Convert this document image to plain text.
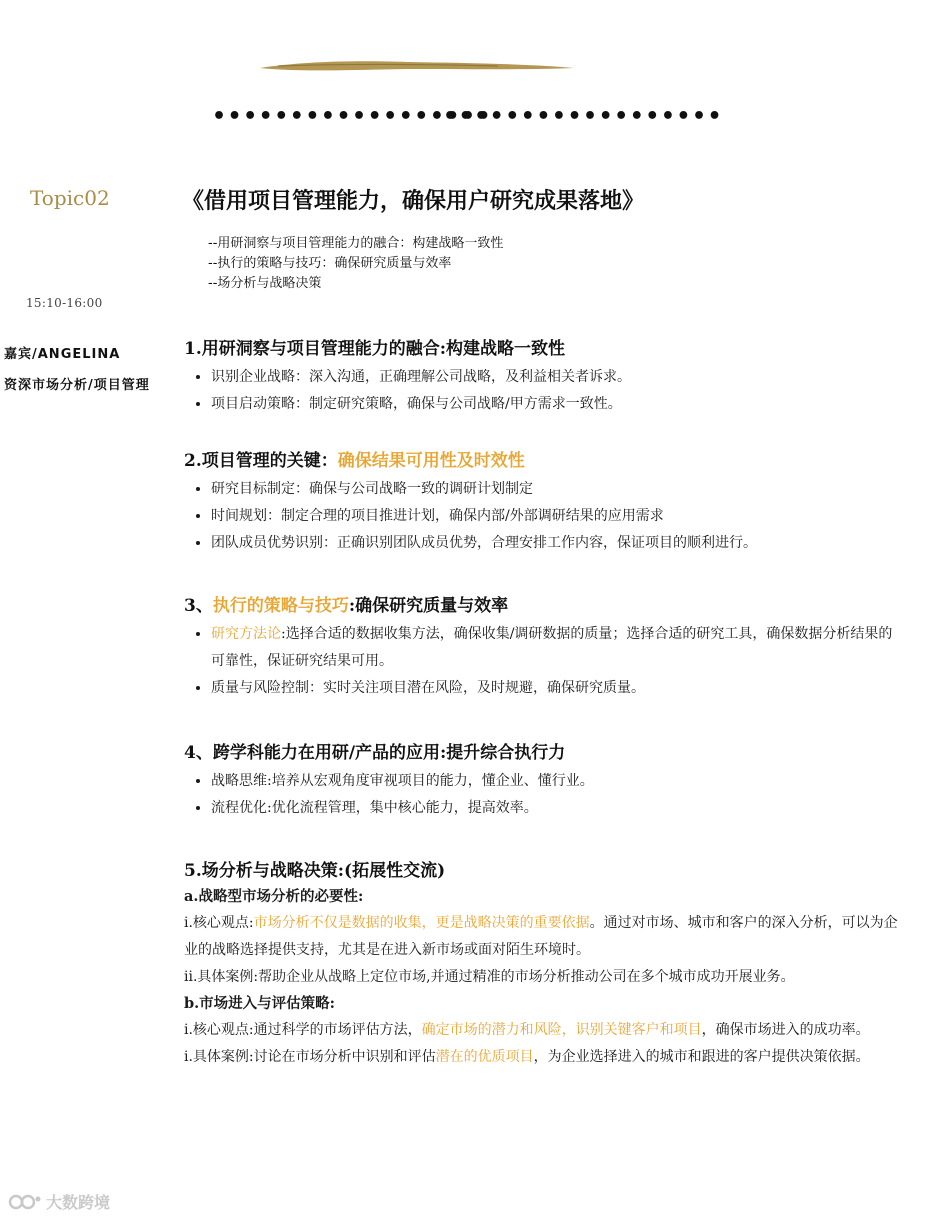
••••••••••••••••••
••••••••••••••••••
Topic02
15:10-16:00
嘉宾/ANGELINA
资深市场分析/项目管理
《借用项目管理能力，确保用户研究成果落地》
--用研洞察与项目管理能力的融合：构建战略一致性
--执行的策略与技巧：确保研究质量与效率
--场分析与战略决策

1.用研洞察与项目管理能力的融合:构建战略一致性

• 识别企业战略：深入沟通，正确理解公司战略，及利益相关者诉求。
• 项目启动策略：制定研究策略，确保与公司战略/甲方需求一致性。

2.项目管理的关键：确保结果可用性及时效性

• 研究目标制定：确保与公司战略一致的调研计划制定
• 时间规划：制定合理的项目推进计划，确保内部/外部调研结果的应用需求
• 团队成员优势识别：正确识别团队成员优势，合理安排工作内容，保证项目的顺利进行。

3、执行的策略与技巧:确保研究质量与效率

• 研究方法论:选择合适的数据收集方法，确保收集/调研数据的质量；选择合适的研究工具，确保数据分析结果的可靠性，保证研究结果可用。
• 质量与风险控制：实时关注项目潜在风险，及时规避，确保研究质量。

4、跨学科能力在用研/产品的应用:提升综合执行力

• 战略思维:培养从宏观角度审视项目的能力，懂企业、懂行业。
• 流程优化:优化流程管理，集中核心能力，提高效率。

5.场分析与战略决策:(拓展性交流)

a.战略型市场分析的必要性:

i.核心观点:市场分析不仅是数据的收集，更是战略决策的重要依据。通过对市场、城市和客户的深入分析，可以为企业的战略选择提供支持，尤其是在进入新市场或面对陌生环境时。

ii.具体案例:帮助企业从战略上定位市场,并通过精准的市场分析推动公司在多个城市成功开展业务。

b.市场进入与评估策略:

i.核心观点:通过科学的市场评估方法，确定市场的潜力和风险，识别关键客户和项目，确保市场进入的成功率。

i.具体案例:讨论在市场分析中识别和评估潜在的优质项目，为企业选择进入的城市和跟进的客户提供决策依据。

大数跨境
